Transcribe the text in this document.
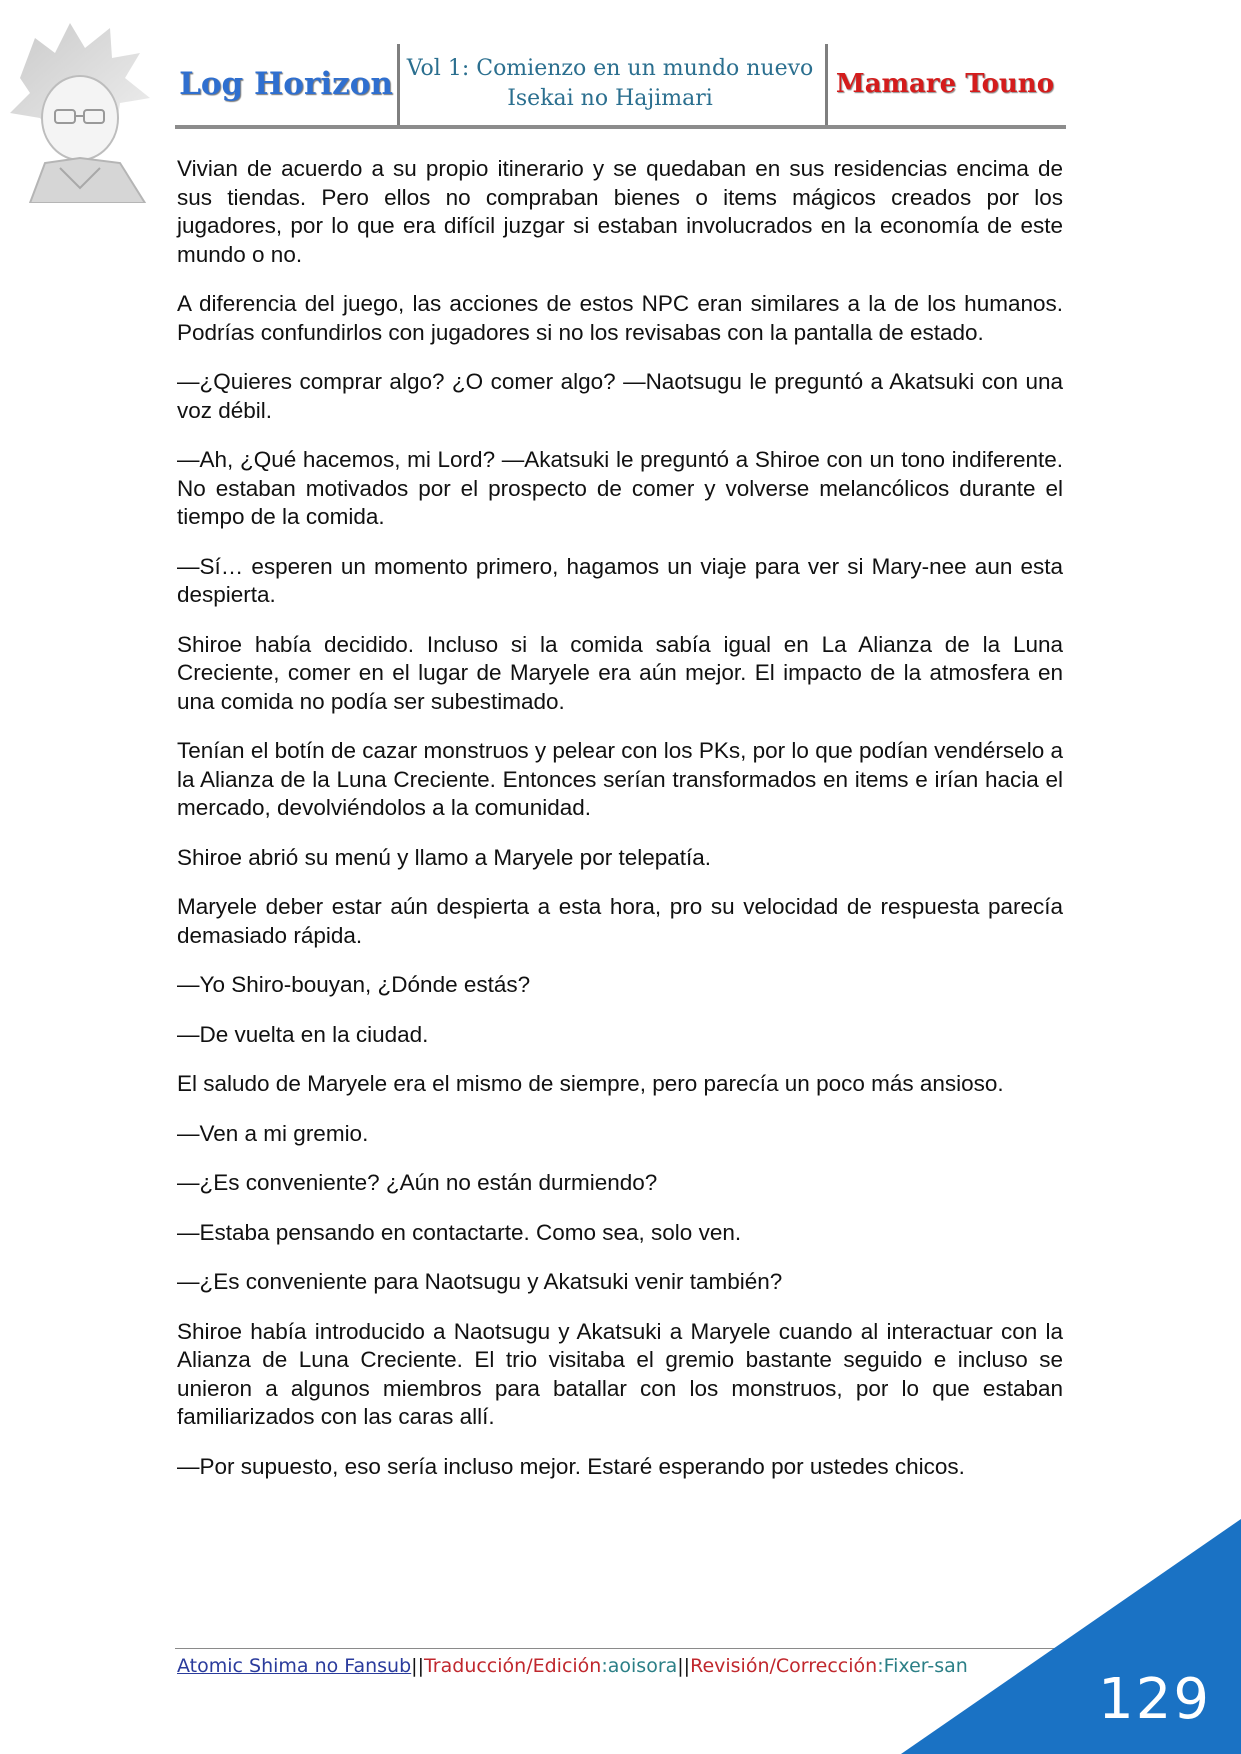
Log Horizon Vol 1: Comienzo en un mundo nuevo
Isekai no Hajimari	Mamare Touno

Vivian de acuerdo a su propio itinerario y se quedaban en sus residencias encima de sus tiendas. Pero ellos no compraban bienes o items mágicos creados por los jugadores, por lo que era difícil juzgar si estaban involucrados en la economía de este mundo o no.

A diferencia del juego, las acciones de estos NPC eran similares a la de los humanos. Podrías confundirlos con jugadores si no los revisabas con la pantalla de estado.

—¿Quieres comprar algo? ¿O comer algo? —Naotsugu le preguntó a Akatsuki con una voz débil.

—Ah, ¿Qué hacemos, mi Lord? —Akatsuki le preguntó a Shiroe con un tono indiferente. No estaban motivados por el prospecto de comer y volverse melancólicos durante el tiempo de la comida.

—Sí… esperen un momento primero, hagamos un viaje para ver si Mary-nee aun esta despierta.

Shiroe había decidido. Incluso si la comida sabía igual en La Alianza de la Luna Creciente, comer en el lugar de Maryele era aún mejor. El impacto de la atmosfera en una comida no podía ser subestimado.

Tenían el botín de cazar monstruos y pelear con los PKs, por lo que podían vendérselo a la Alianza de la Luna Creciente. Entonces serían transformados en items e irían hacia el mercado, devolviéndolos a la comunidad.

Shiroe abrió su menú y llamo a Maryele por telepatía.

Maryele deber estar aún despierta a esta hora, pro su velocidad de respuesta parecía demasiado rápida.

—Yo Shiro-bouyan, ¿Dónde estás?

—De vuelta en la ciudad.

El saludo de Maryele era el mismo de siempre, pero parecía un poco más ansioso.

—Ven a mi gremio.

—¿Es conveniente? ¿Aún no están durmiendo?

—Estaba pensando en contactarte. Como sea, solo ven.

—¿Es conveniente para Naotsugu y Akatsuki venir también?

Shiroe había introducido a Naotsugu y Akatsuki a Maryele cuando al interactuar con la Alianza de Luna Creciente. El trio visitaba el gremio bastante seguido e incluso se unieron a algunos miembros para batallar con los monstruos, por lo que estaban familiarizados con las caras allí.

—Por supuesto, eso sería incluso mejor. Estaré esperando por ustedes chicos.

Atomic Shima no Fansub||Traducción/Edición:aoisora||Revisión/Corrección:Fixer-san
129
